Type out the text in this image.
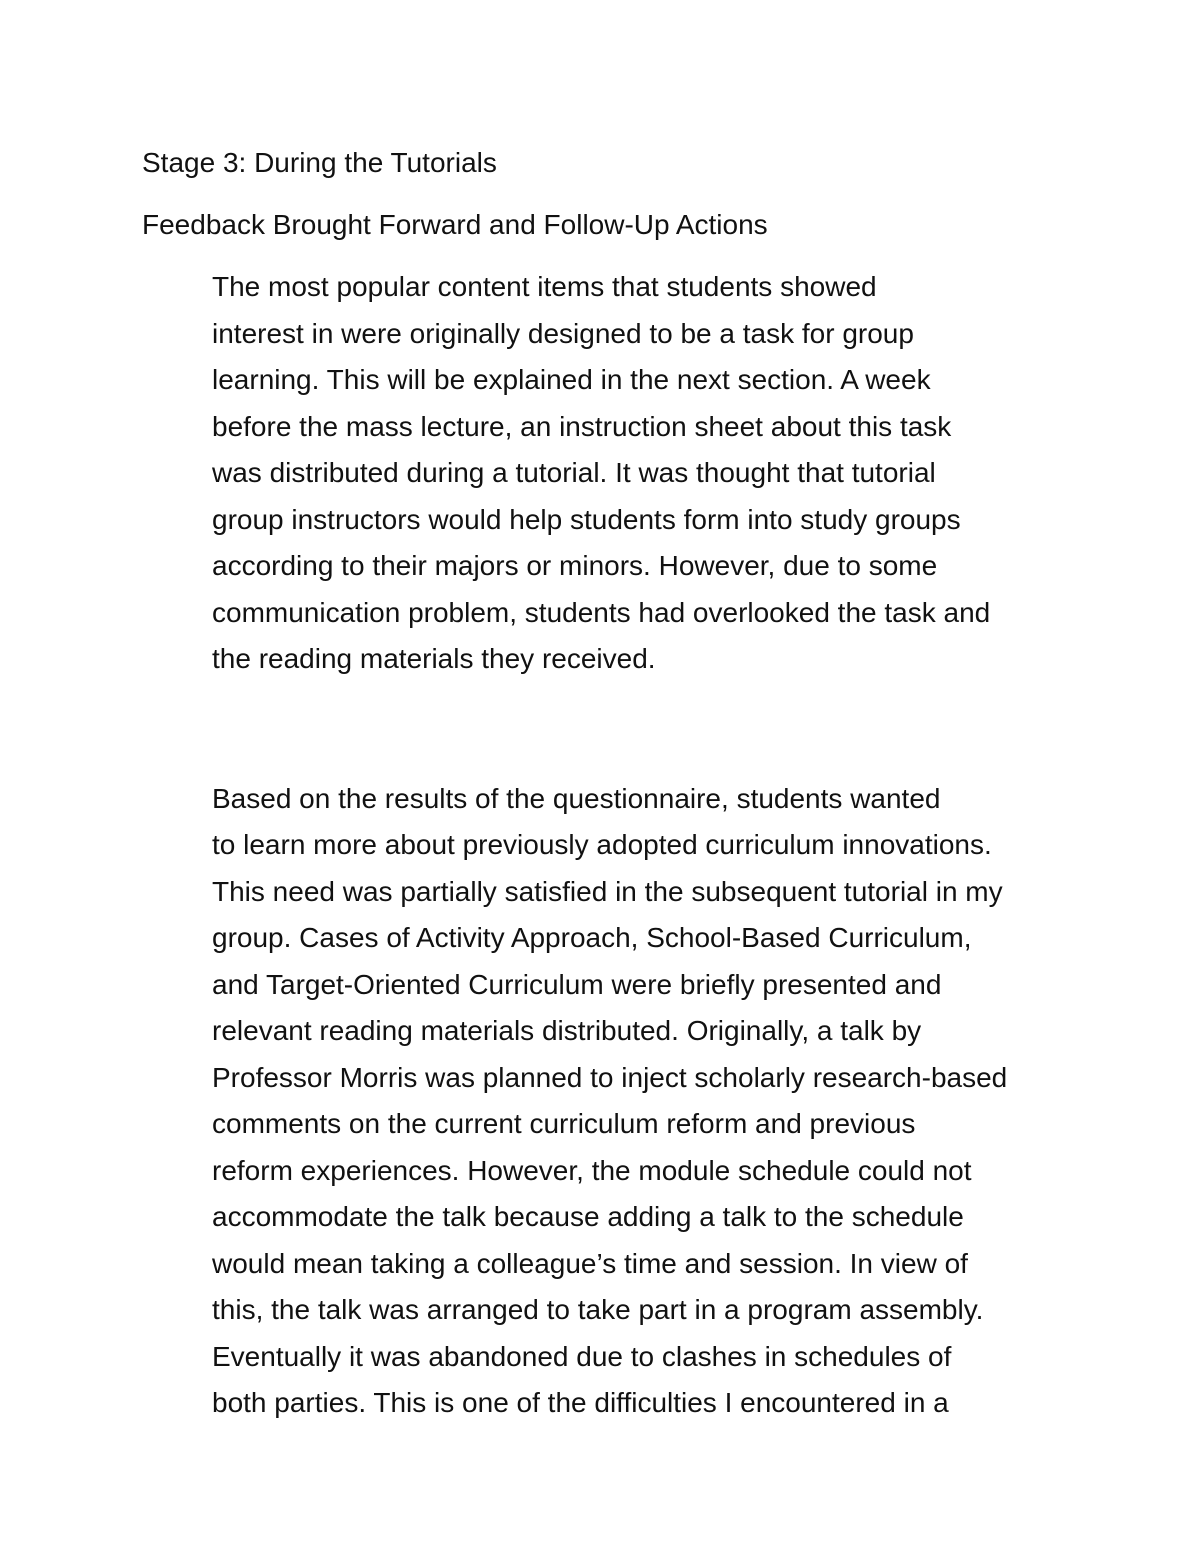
Stage 3: During the Tutorials
Feedback Brought Forward and Follow-Up Actions

The most popular content items that students showed
interest in were originally designed to be a task for group
learning. This will be explained in the next section. A week
before the mass lecture, an instruction sheet about this task
was distributed during a tutorial. It was thought that tutorial
group instructors would help students form into study groups
according to their majors or minors. However, due to some
communication problem, students had overlooked the task and
the reading materials they received.

Based on the results of the questionnaire, students wanted
to learn more about previously adopted curriculum innovations.
This need was partially satisfied in the subsequent tutorial in my
group. Cases of Activity Approach, School-Based Curriculum,
and Target-Oriented Curriculum were briefly presented and
relevant reading materials distributed. Originally, a talk by
Professor Morris was planned to inject scholarly research-based
comments on the current curriculum reform and previous
reform experiences. However, the module schedule could not
accommodate the talk because adding a talk to the schedule
would mean taking a colleague’s time and session. In view of
this, the talk was arranged to take part in a program assembly.
Eventually it was abandoned due to clashes in schedules of
both parties. This is one of the difficulties I encountered in a
